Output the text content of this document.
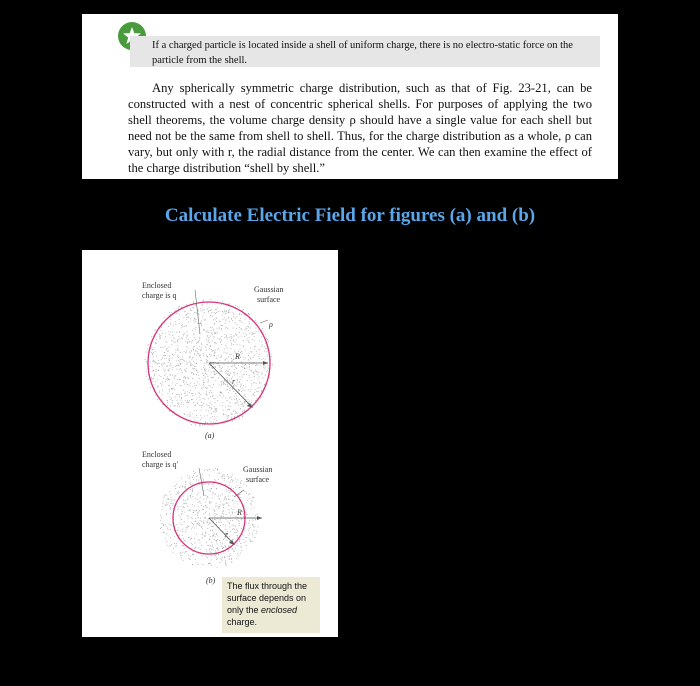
If a charged particle is located inside a shell of uniform charge, there is no electro-static force on the particle from the shell.

Any spherically symmetric charge distribution, such as that of Fig. 23-21, can be constructed with a nest of concentric spherical shells. For purposes of applying the two shell theorems, the volume charge density ρ should have a single value for each shell but need not be the same from shell to shell. Thus, for the charge distribution as a whole, ρ can vary, but only with r, the radial distance from the center. We can then examine the effect of the charge distribution “shell by shell.”

Calculate Electric Field for figures (a) and (b)
Enclosed
charge is q
Gaussian
surface
ρ
R
r
(a)
Enclosed
charge is q′
Gaussian
surface
R
r
(b)
The flux through the surface depends on only the enclosed charge.
